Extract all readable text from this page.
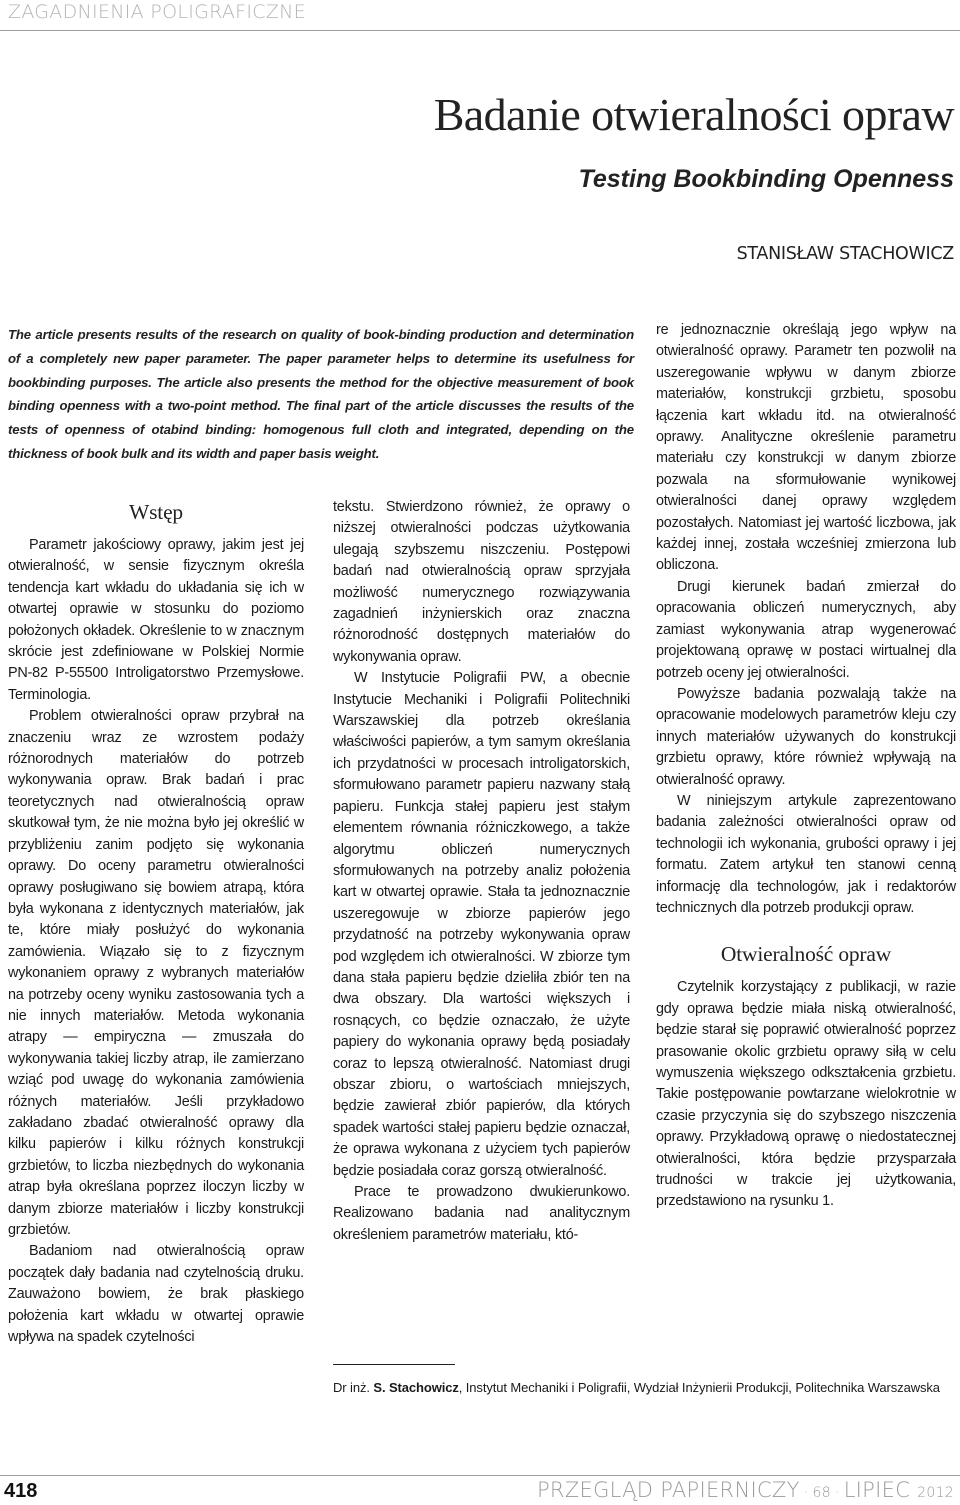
ZAGADNIENIA POLIGRAFICZNE
Badanie otwieralności opraw
Testing Bookbinding Openness
STANISŁAW STACHOWICZ

The article presents results of the research on quality of book-binding production and determination of a completely new paper parameter. The paper parameter helps to determine its usefulness for bookbinding purposes. The article also presents the method for the objective measurement of book binding openness with a two-point method. The final part of the article discusses the results of the tests of openness of otabind binding: homogenous full cloth and integrated, depending on the thickness of book bulk and its width and paper basis weight.

Wstęp

Parametr jakościowy oprawy, jakim jest jej otwieralność, w sensie fizycznym określa tendencja kart wkładu do układania się ich w otwartej oprawie w stosunku do poziomo położonych okładek. Określenie to w znacznym skrócie jest zdefiniowane w Polskiej Normie PN-82 P-55500 Introligatorstwo Przemysłowe. Terminologia.

Problem otwieralności opraw przybrał na znaczeniu wraz ze wzrostem podaży różnorodnych materiałów do potrzeb wykonywania opraw. Brak badań i prac teoretycznych nad otwieralnością opraw skutkował tym, że nie można było jej określić w przybliżeniu zanim podjęto się wykonania oprawy. Do oceny parametru otwieralności oprawy posługiwano się bowiem atrapą, która była wykonana z identycznych materiałów, jak te, które miały posłużyć do wykonania zamówienia. Wiązało się to z fizycznym wykonaniem oprawy z wybranych materiałów na potrzeby oceny wyniku zastosowania tych a nie innych materiałów. Metoda wykonania atrapy — empiryczna — zmuszała do wykonywania takiej liczby atrap, ile zamierzano wziąć pod uwagę do wykonania zamówienia różnych materiałów. Jeśli przykładowo zakładano zbadać otwieralność oprawy dla kilku papierów i kilku różnych konstrukcji grzbietów, to liczba niezbędnych do wykonania atrap była określana poprzez iloczyn liczby w danym zbiorze materiałów i liczby konstrukcji grzbietów.

Badaniom nad otwieralnością opraw początek dały badania nad czytelnością druku. Zauważono bowiem, że brak płaskiego położenia kart wkładu w otwartej oprawie wpływa na spadek czytelności

tekstu. Stwierdzono również, że oprawy o niższej otwieralności podczas użytkowania ulegają szybszemu niszczeniu. Postępowi badań nad otwieralnością opraw sprzyjała możliwość numerycznego rozwiązywania zagadnień inżynierskich oraz znaczna różnorodność dostępnych materiałów do wykonywania opraw.

W Instytucie Poligrafii PW, a obecnie Instytucie Mechaniki i Poligrafii Politechniki Warszawskiej dla potrzeb określania właściwości papierów, a tym samym określania ich przydatności w procesach introligatorskich, sformułowano parametr papieru nazwany stałą papieru. Funkcja stałej papieru jest stałym elementem równania różniczkowego, a także algorytmu obliczeń numerycznych sformułowanych na potrzeby analiz położenia kart w otwartej oprawie. Stała ta jednoznacznie uszeregowuje w zbiorze papierów jego przydatność na potrzeby wykonywania opraw pod względem ich otwieralności. W zbiorze tym dana stała papieru będzie dzieliła zbiór ten na dwa obszary. Dla wartości większych i rosnących, co będzie oznaczało, że użyte papiery do wykonania oprawy będą posiadały coraz to lepszą otwieralność. Natomiast drugi obszar zbioru, o wartościach mniejszych, będzie zawierał zbiór papierów, dla których spadek wartości stałej papieru będzie oznaczał, że oprawa wykonana z użyciem tych papierów będzie posiadała coraz gorszą otwieralność.

Prace te prowadzono dwukierunkowo. Realizowano badania nad analitycznym określeniem parametrów materiału, któ-

re jednoznacznie określają jego wpływ na otwieralność oprawy. Parametr ten pozwolił na uszeregowanie wpływu w danym zbiorze materiałów, konstrukcji grzbietu, sposobu łączenia kart wkładu itd. na otwieralność oprawy. Analityczne określenie parametru materiału czy konstrukcji w danym zbiorze pozwala na sformułowanie wynikowej otwieralności danej oprawy względem pozostałych. Natomiast jej wartość liczbowa, jak każdej innej, została wcześniej zmierzona lub obliczona.

Drugi kierunek badań zmierzał do opracowania obliczeń numerycznych, aby zamiast wykonywania atrap wygenerować projektowaną oprawę w postaci wirtualnej dla potrzeb oceny jej otwieralności.

Powyższe badania pozwalają także na opracowanie modelowych parametrów kleju czy innych materiałów używanych do konstrukcji grzbietu oprawy, które również wpływają na otwieralność oprawy.

W niniejszym artykule zaprezentowano badania zależności otwieralności opraw od technologii ich wykonania, grubości oprawy i jej formatu. Zatem artykuł ten stanowi cenną informację dla technologów, jak i redaktorów technicznych dla potrzeb produkcji opraw.

Otwieralność opraw

Czytelnik korzystający z publikacji, w razie gdy oprawa będzie miała niską otwieralność, będzie starał się poprawić otwieralność poprzez prasowanie okolic grzbietu oprawy siłą w celu wymuszenia większego odkształcenia grzbietu. Takie postępowanie powtarzane wielokrotnie w czasie przyczynia się do szybszego niszczenia oprawy. Przykładową oprawę o niedostatecznej otwieralności, która będzie przysparzała trudności w trakcie jej użytkowania, przedstawiono na rysunku 1.

Dr inż. S. Stachowicz, Instytut Mechaniki i Poligrafii, Wydział Inżynierii Produkcji, Politechnika Warszawska

418	PRZEGLĄD PAPIERNICZY · 68 · LIPIEC 2012
